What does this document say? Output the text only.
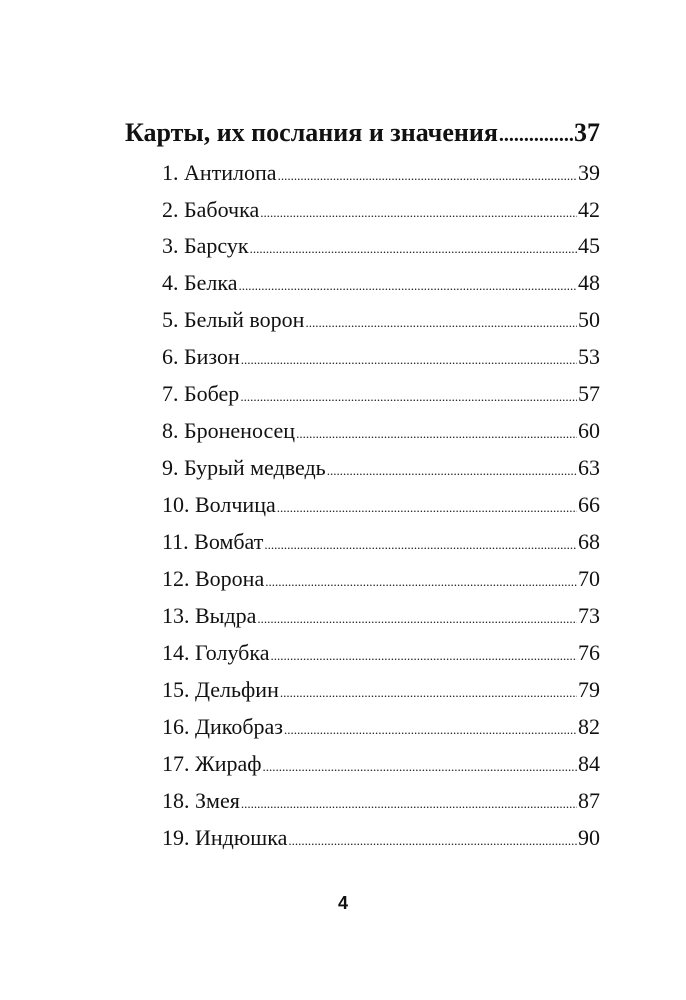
Карты, их послания и значения .....	37
1. Антилопа .....	39
2. Бабочка .....	42
3. Барсук .....	45
4. Белка .....	48
5. Белый ворон .....	50
6. Бизон .....	53
7. Бобер .....	57
8. Броненосец .....	60
9. Бурый медведь .....	63
10. Волчица .....	66
11. Вомбат .....	68
12. Ворона .....	70
13. Выдра .....	73
14. Голубка .....	76
15. Дельфин .....	79
16. Дикобраз .....	82
17. Жираф .....	84
18. Змея .....	87
19. Индюшка .....	90
4
